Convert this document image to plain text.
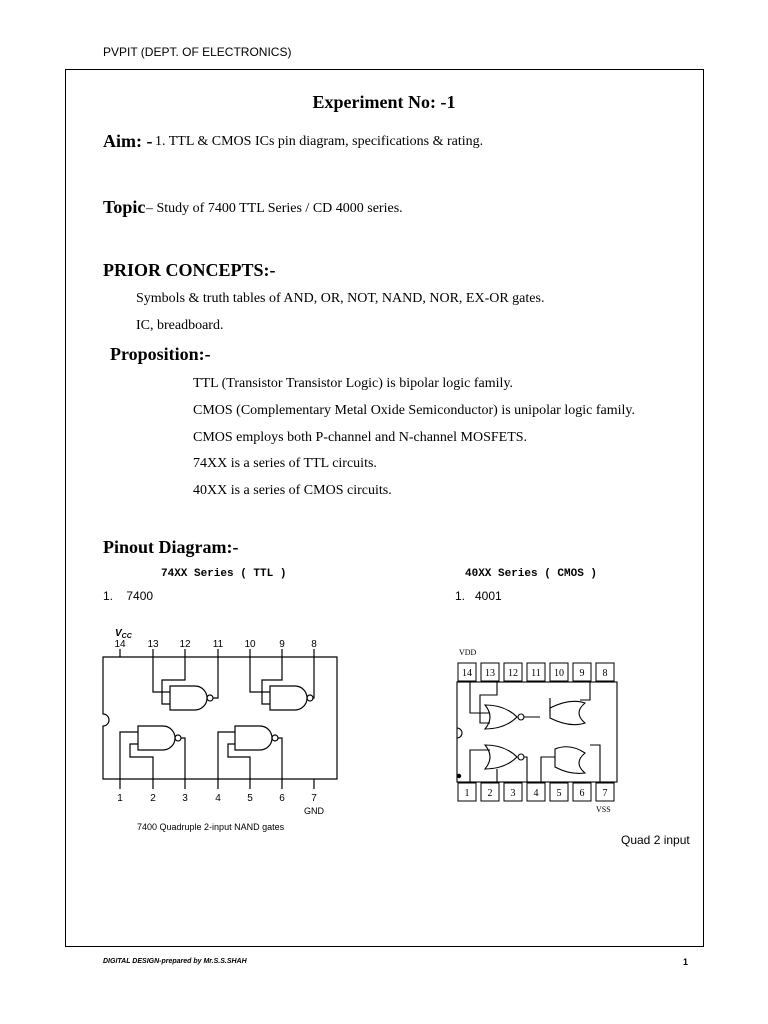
PVPIT (DEPT. OF ELECTRONICS)
Experiment No: -1
Aim: - 1. TTL & CMOS ICs pin diagram, specifications & rating.
Topic – Study of 7400 TTL Series / CD 4000 series.
PRIOR CONCEPTS:-
Symbols & truth tables of AND, OR, NOT, NAND, NOR, EX-OR gates.
IC, breadboard.
Proposition:-
TTL (Transistor Transistor Logic) is bipolar logic family.
CMOS (Complementary Metal Oxide Semiconductor) is unipolar logic family.
CMOS employs both P-channel and N-channel MOSFETS.
74XX is a series of TTL circuits.
40XX is a series of CMOS circuits.
Pinout Diagram:-
74XX Series ( TTL )	40XX Series ( CMOS )
1.    7400	1.   4001
$V_{CC}$
14 13 12 11 10 9	8
1	2	3	4	5	6	7
GND
7400 Quadruple 2-input NAND gates
VDD
14 13 12 11 10 9 8
1 2 3 4 5 6 7
VSS
Quad 2 input
DIGITAL DESIGN-prepared by Mr.S.S.SHAH	1
